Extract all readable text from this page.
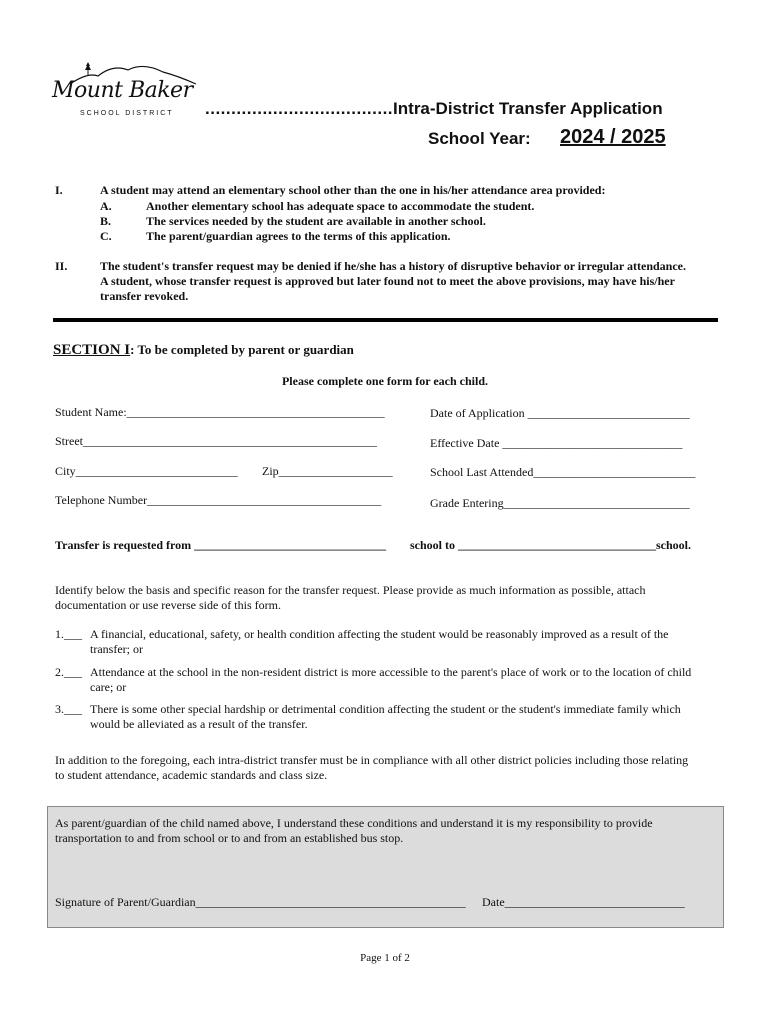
Mount Baker
SCHOOL DISTRICT ....................................Intra-District Transfer Application
School Year: 2024 / 2025
I.	A student may attend an elementary school other than the one in his/her attendance area provided:
A.	Another elementary school has adequate space to accommodate the student.
B.	The services needed by the student are available in another school.
C.	The parent/guardian agrees to the terms of this application.
II.	The student's transfer request may be denied if he/she has a history of disruptive behavior or irregular attendance.
A student, whose transfer request is approved but later found not to meet the above provisions, may have his/her
transfer revoked.
SECTION I: To be completed by parent or guardian
Please complete one form for each child.
Student Name:___________________________________________	Date of Application ___________________________
Street_________________________________________________	Effective Date ______________________________
City___________________________ Zip___________________	School Last Attended___________________________
Telephone Number_______________________________________	Grade Entering_______________________________
Transfer is requested from ________________________________ school to _________________________________school.
Identify below the basis and specific reason for the transfer request. Please provide as much information as possible, attach
documentation or use reverse side of this form.
1.___ A financial, educational, safety, or health condition affecting the student would be reasonably improved as a result of the
transfer; or
2.___ Attendance at the school in the non-resident district is more accessible to the parent's place of work or to the location of child
care; or
3.___ There is some other special hardship or detrimental condition affecting the student or the student's immediate family which
would be alleviated as a result of the transfer.
In addition to the foregoing, each intra-district transfer must be in compliance with all other district policies including those relating
to student attendance, academic standards and class size.
As parent/guardian of the child named above, I understand these conditions and understand it is my responsibility to provide
transportation to and from school or to and from an established bus stop.
Signature of Parent/Guardian_____________________________________________ Date______________________________
Page 1 of 2
